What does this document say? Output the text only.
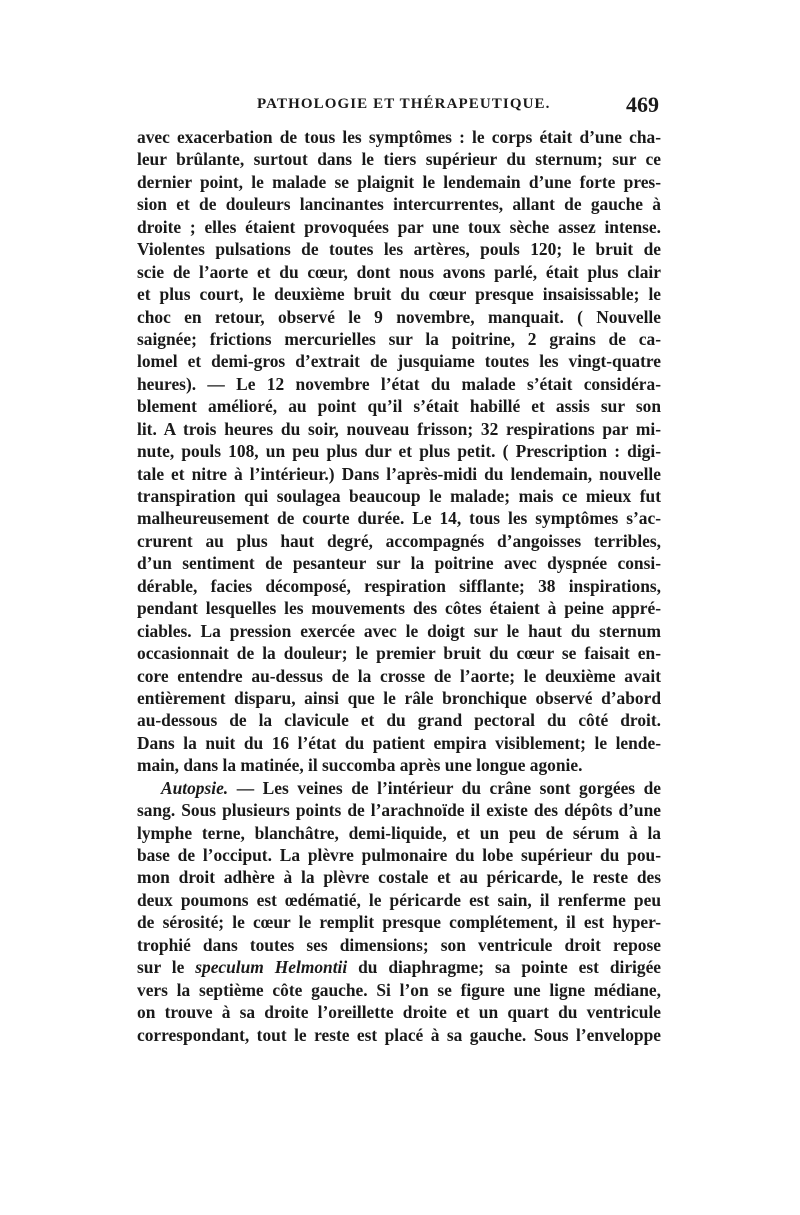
PATHOLOGIE ET THÉRAPEUTIQUE.	469
avec exacerbation de tous les symptômes : le corps était d’une cha-
leur brûlante, surtout dans le tiers supérieur du sternum; sur ce
dernier point, le malade se plaignit le lendemain d’une forte pres-
sion et de douleurs lancinantes intercurrentes, allant de gauche à
droite ; elles étaient provoquées par une toux sèche assez intense.
Violentes pulsations de toutes les artères, pouls 120; le bruit de
scie de l’aorte et du cœur, dont nous avons parlé, était plus clair
et plus court, le deuxième bruit du cœur presque insaisissable; le
choc en retour, observé le 9 novembre, manquait. ( Nouvelle
saignée; frictions mercurielles sur la poitrine, 2 grains de ca-
lomel et demi-gros d’extrait de jusquiame toutes les vingt-quatre
heures). — Le 12 novembre l’état du malade s’était considéra-
blement amélioré, au point qu’il s’était habillé et assis sur son
lit. A trois heures du soir, nouveau frisson; 32 respirations par mi-
nute, pouls 108, un peu plus dur et plus petit. ( Prescription : digi-
tale et nitre à l’intérieur.) Dans l’après-midi du lendemain, nouvelle
transpiration qui soulagea beaucoup le malade; mais ce mieux fut
malheureusement de courte durée. Le 14, tous les symptômes s’ac-
crurent au plus haut degré, accompagnés d’angoisses terribles,
d’un sentiment de pesanteur sur la poitrine avec dyspnée consi-
dérable, facies décomposé, respiration sifflante; 38 inspirations,
pendant lesquelles les mouvements des côtes étaient à peine appré-
ciables. La pression exercée avec le doigt sur le haut du sternum
occasionnait de la douleur; le premier bruit du cœur se faisait en-
core entendre au-dessus de la crosse de l’aorte; le deuxième avait
entièrement disparu, ainsi que le râle bronchique observé d’abord
au-dessous de la clavicule et du grand pectoral du côté droit.
Dans la nuit du 16 l’état du patient empira visiblement; le lende-
main, dans la matinée, il succomba après une longue agonie.
Autopsie. — Les veines de l’intérieur du crâne sont gorgées de
sang. Sous plusieurs points de l’arachnoïde il existe des dépôts d’une
lymphe terne, blanchâtre, demi-liquide, et un peu de sérum à la
base de l’occiput. La plèvre pulmonaire du lobe supérieur du pou-
mon droit adhère à la plèvre costale et au péricarde, le reste des
deux poumons est œdématié, le péricarde est sain, il renferme peu
de sérosité; le cœur le remplit presque complétement, il est hyper-
trophié dans toutes ses dimensions; son ventricule droit repose
sur le speculum Helmontii du diaphragme; sa pointe est dirigée
vers la septième côte gauche. Si l’on se figure une ligne médiane,
on trouve à sa droite l’oreillette droite et un quart du ventricule
correspondant, tout le reste est placé à sa gauche. Sous l’enveloppe
